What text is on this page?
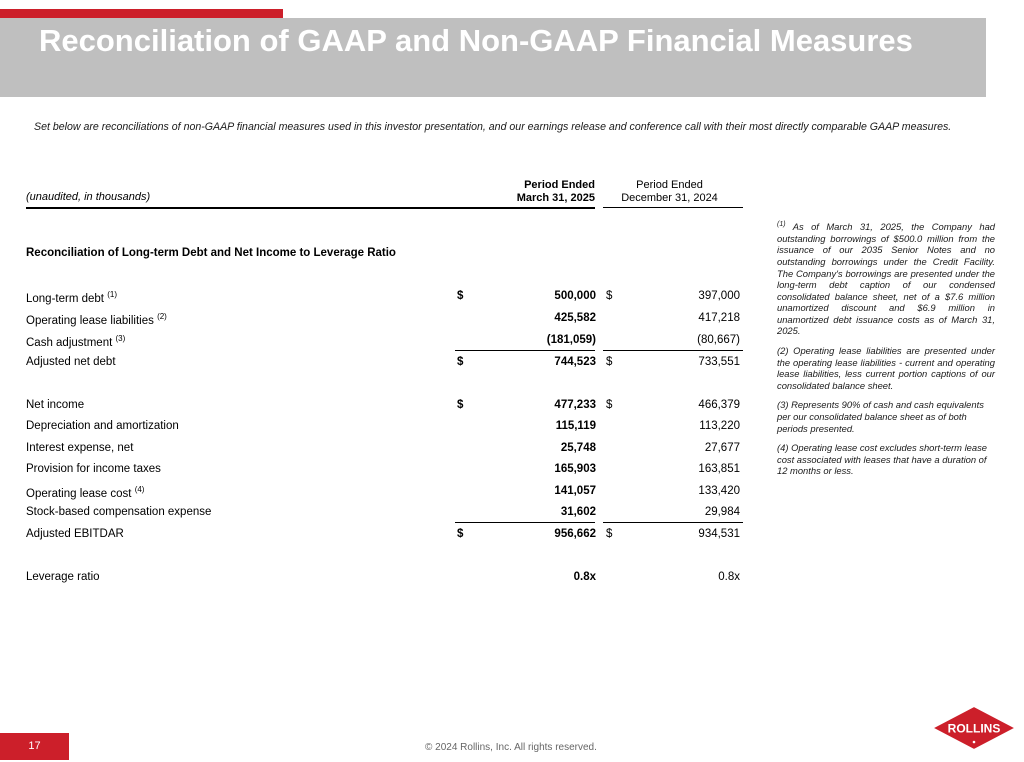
Reconciliation of GAAP and Non-GAAP Financial Measures
Set below are reconciliations of non-GAAP financial measures used in this investor presentation, and our earnings release and conference call with their most directly comparable GAAP measures.
(unaudited, in thousands)
Period Ended
March 31, 2025
Period Ended
December 31, 2024
Reconciliation of Long-term Debt and Net Income to Leverage Ratio
Long-term debt $^{(1)}$	$	500,000 $	397,000
Operating lease liabilities $^{(2)}$	425,582	417,218
Cash adjustment $^{(3)}$	(181,059)	(80,667)
Adjusted net debt	$	744,523 $	733,551
Net income	$	477,233 $	466,379
Depreciation and amortization	115,119	113,220
Interest expense, net	25,748	27,677
Provision for income taxes	165,903	163,851
Operating lease cost $^{(4)}$	141,057	133,420
Stock-based compensation expense	31,602	29,984
Adjusted EBITDAR	$	956,662 $	934,531
Leverage ratio	0.8x	0.8x

$^{(1)}$ As of March 31, 2025, the Company had outstanding borrowings of $500.0 million from the issuance of our 2035 Senior Notes and no outstanding borrowings under the Credit Facility. The Company's borrowings are presented under the long-term debt caption of our condensed consolidated balance sheet, net of a $7.6 million unamortized discount and $6.9 million in unamortized debt issuance costs as of March 31, 2025.

(2) Operating lease liabilities are presented under the operating lease liabilities - current and operating lease liabilities, less current portion captions of our consolidated balance sheet.

(3) Represents 90% of cash and cash equivalents per our consolidated balance sheet as of both periods presented.

(4) Operating lease cost excludes short-term lease cost associated with leases that have a duration of 12 months or less.

17	© 2024 Rollins, Inc. All rights reserved.
ROLLINS
